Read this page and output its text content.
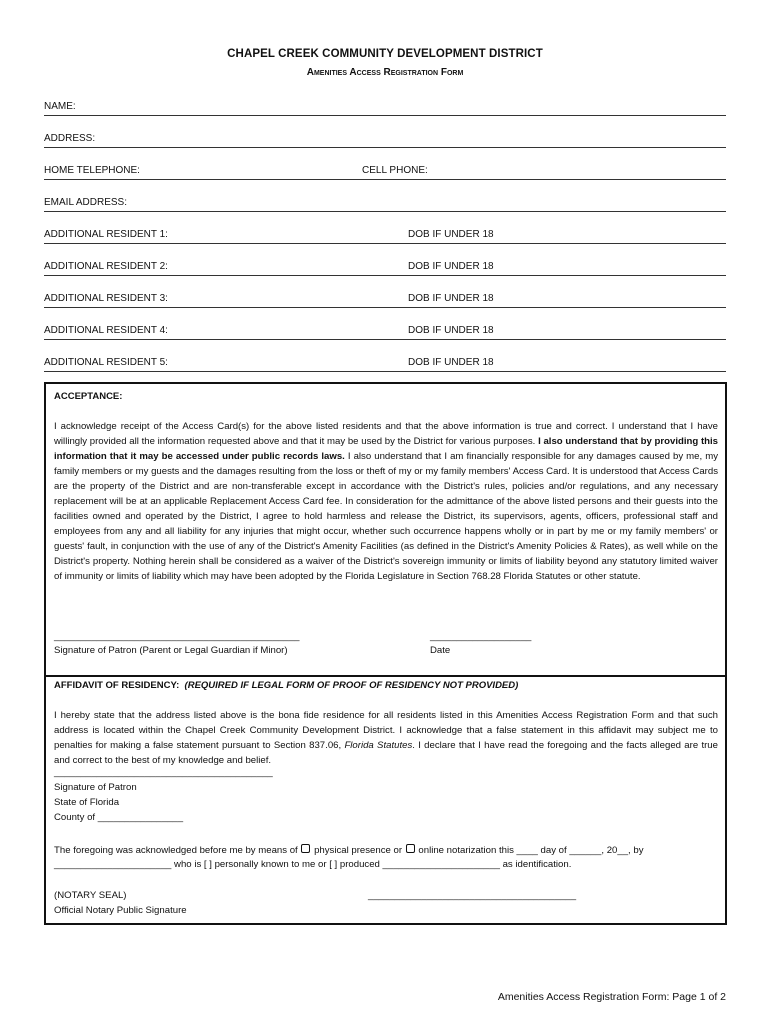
CHAPEL CREEK COMMUNITY DEVELOPMENT DISTRICT
Amenities Access Registration Form
NAME:
ADDRESS:
HOME TELEPHONE:	CELL PHONE:
EMAIL ADDRESS:
ADDITIONAL RESIDENT 1:	DOB IF UNDER 18
ADDITIONAL RESIDENT 2:	DOB IF UNDER 18
ADDITIONAL RESIDENT 3:	DOB IF UNDER 18
ADDITIONAL RESIDENT 4:	DOB IF UNDER 18
ADDITIONAL RESIDENT 5:	DOB IF UNDER 18
ACCEPTANCE:

I acknowledge receipt of the Access Card(s) for the above listed residents and that the above information is true and correct. I understand that I have willingly provided all the information requested above and that it may be used by the District for various purposes. I also understand that by providing this information that it may be accessed under public records laws. I also understand that I am financially responsible for any damages caused by me, my family members or my guests and the damages resulting from the loss or theft of my or my family members' Access Card. It is understood that Access Cards are the property of the District and are non-transferable except in accordance with the District's rules, policies and/or regulations, and any necessary replacement will be at an applicable Replacement Access Card fee. In consideration for the admittance of the above listed persons and their guests into the facilities owned and operated by the District, I agree to hold harmless and release the District, its supervisors, agents, officers, professional staff and employees from any and all liability for any injuries that might occur, whether such occurrence happens wholly or in part by me or my family members' or guests' fault, in conjunction with the use of any of the District's Amenity Facilities (as defined in the District's Amenity Policies & Rates), as well while on the District's property. Nothing herein shall be considered as a waiver of the District's sovereign immunity or limits of liability beyond any statutory limited waiver of immunity or limits of liability which may have been adopted by the Florida Legislature in Section 768.28 Florida Statutes or other statute.

______________________________________________
Signature of Patron (Parent or Legal Guardian if Minor)
___________________
Date
AFFIDAVIT OF RESIDENCY: (REQUIRED IF LEGAL FORM OF PROOF OF RESIDENCY NOT PROVIDED)

I hereby state that the address listed above is the bona fide residence for all residents listed in this Amenities Access Registration Form and that such address is located within the Chapel Creek Community Development District. I acknowledge that a false statement in this affidavit may subject me to penalties for making a false statement pursuant to Section 837.06, Florida Statutes. I declare that I have read the foregoing and the facts alleged are true and correct to the best of my knowledge and belief.

_________________________________________
Signature of Patron
State of Florida
County of ________________
The foregoing was acknowledged before me by means of physical presence or online notarization this ____ day of ______, 20__, by
______________________ who is [ ] personally known to me or [ ] produced ______________________ as identification.
(NOTARY SEAL)
Official Notary Public Signature
_______________________________________
Amenities Access Registration Form: Page 1 of 2
